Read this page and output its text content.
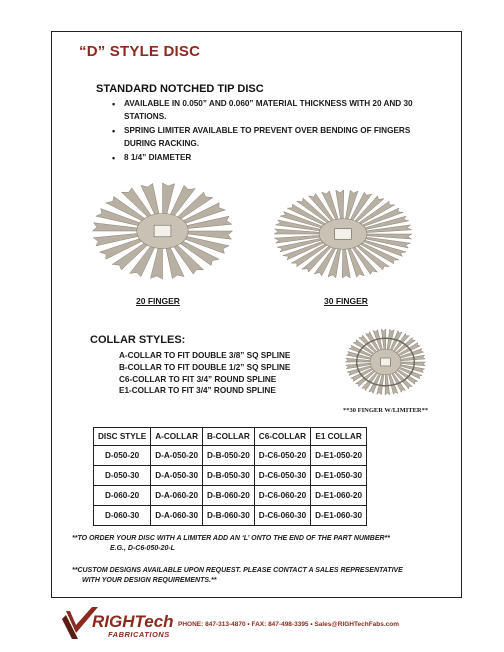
“D” STYLE DISC
STANDARD NOTCHED TIP DISC
• AVAILABLE IN 0.050” AND 0.060” MATERIAL THICKNESS WITH 20 AND 30 STATIONS.
• SPRING LIMITER AVAILABLE TO PREVENT OVER BENDING OF FINGERS DURING RACKING.
• 8 1/4” DIAMETER
20 FINGER	30 FINGER
COLLAR STYLES:
A-COLLAR TO FIT DOUBLE 3/8” SQ SPLINE
B-COLLAR TO FIT DOUBLE 1/2” SQ SPLINE
C6-COLLAR TO FIT 3/4” ROUND SPLINE
E1-COLLAR TO FIT 3/4” ROUND SPLINE
**30 FINGER W/LIMITER**
DISC STYLE	A-COLLAR	B-COLLAR	C6-COLLAR	E1 COLLAR
D-050-20	D-A-050-20	D-B-050-20	D-C6-050-20	D-E1-050-20
D-050-30	D-A-050-30	D-B-050-30	D-C6-050-30	D-E1-050-30
D-060-20	D-A-060-20	D-B-060-20	D-C6-060-20	D-E1-060-20
D-060-30	D-A-060-30	D-B-060-30	D-C6-060-30	D-E1-060-30
**TO ORDER YOUR DISC WITH A LIMITER ADD AN ‘L’ ONTO THE END OF THE PART NUMBER**
E.G., D-C6-050-20-L
**CUSTOM DESIGNS AVAILABLE UPON REQUEST. PLEASE CONTACT A SALES REPRESENTATIVE
WITH YOUR DESIGN REQUIREMENTS.**
RIGHTech
FABRICATIONS
PHONE: 847-313-4870 • FAX: 847-498-3395 • Sales@RIGHTechFabs.com
